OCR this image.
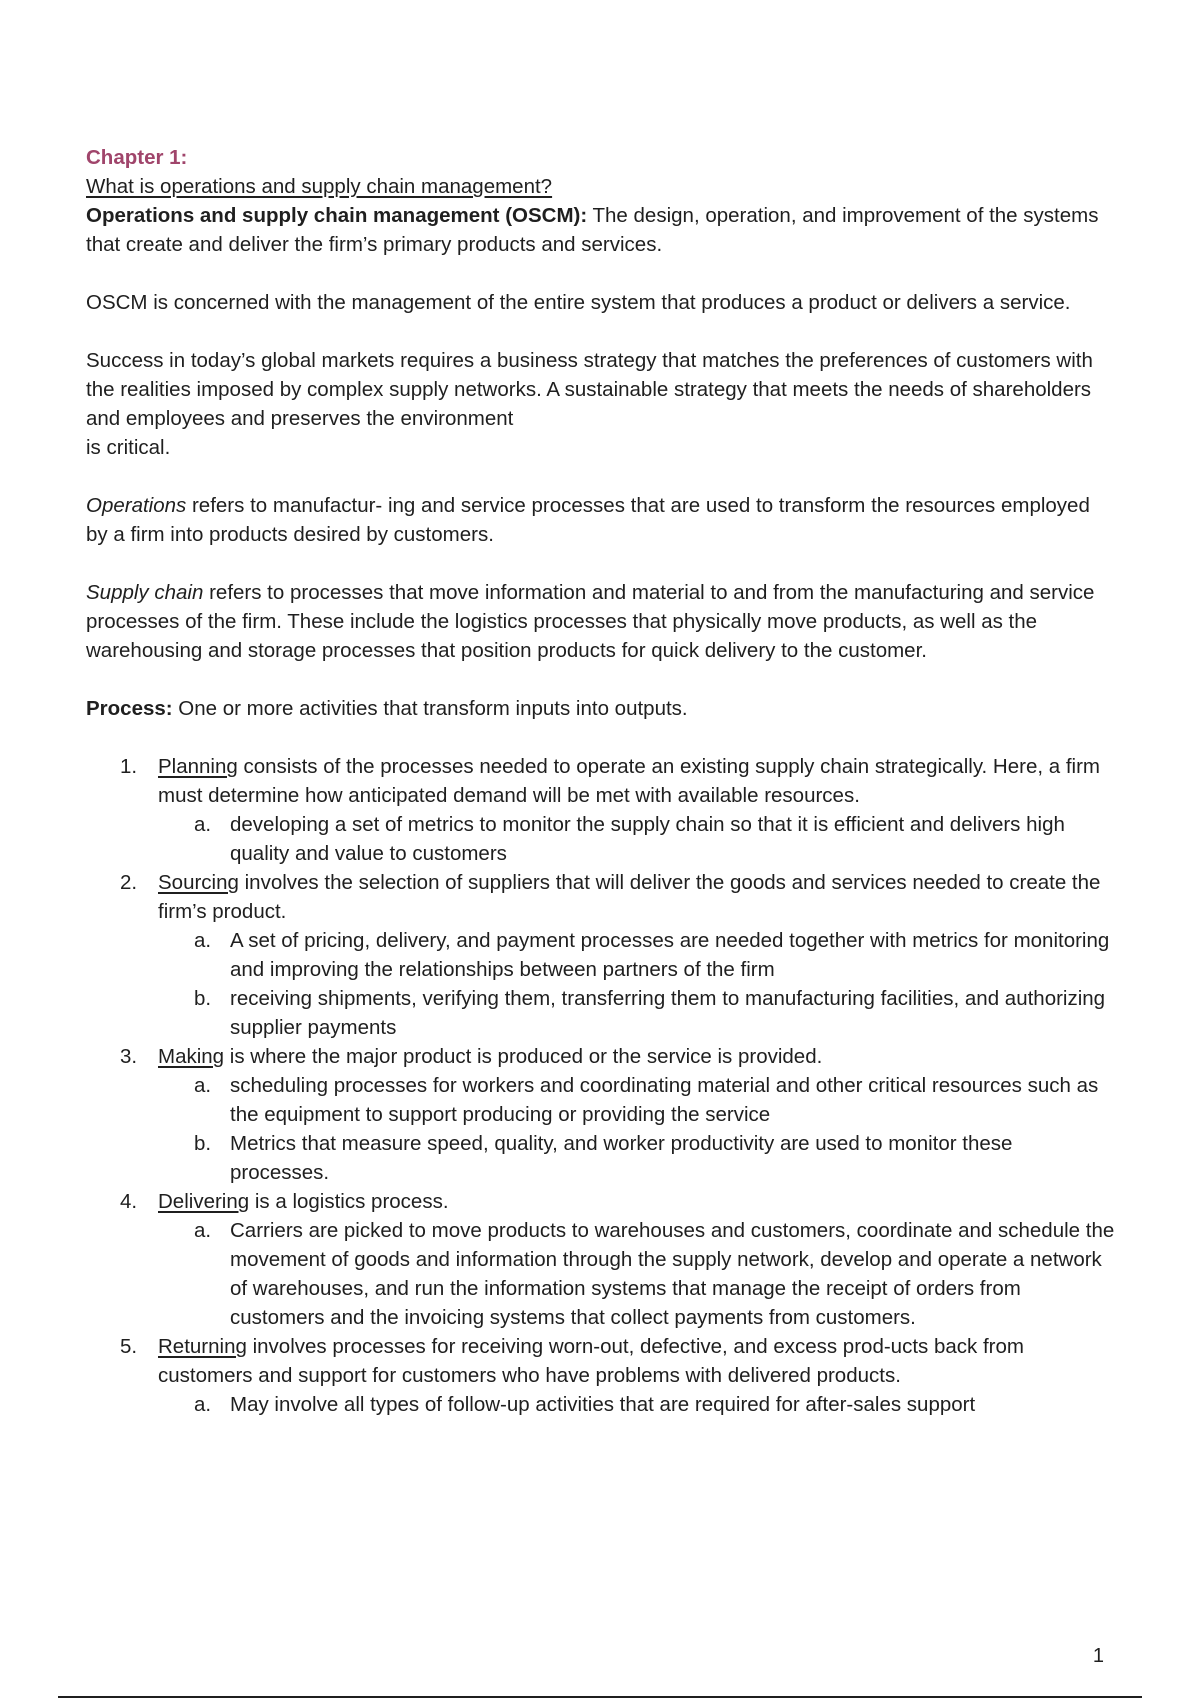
Chapter 1:

What is operations and supply chain management?

Operations and supply chain management (OSCM): The design, operation, and improvement of the systems that create and deliver the firm’s primary products and services.

OSCM is concerned with the management of the entire system that produces a product or delivers a service.

Success in today’s global markets requires a business strategy that matches the preferences of customers with the realities imposed by complex supply networks. A sustainable strategy that meets the needs of shareholders and employees and preserves the environment
is critical.

Operations refers to manufactur- ing and service processes that are used to transform the resources employed by a firm into products desired by customers.

Supply chain refers to processes that move information and material to and from the manufacturing and service processes of the firm. These include the logistics processes that physically move products, as well as the warehousing and storage processes that position products for quick delivery to the customer.

Process: One or more activities that transform inputs into outputs.

1. Planning consists of the processes needed to operate an existing supply chain strategically. Here, a firm must determine how anticipated demand will be met with available resources.
a. developing a set of metrics to monitor the supply chain so that it is efficient and delivers high quality and value to customers
2. Sourcing involves the selection of suppliers that will deliver the goods and services needed to create the firm’s product.
a. A set of pricing, delivery, and payment processes are needed together with metrics for monitoring and improving the relationships between partners of the firm
b. receiving shipments, verifying them, transferring them to manufacturing facilities, and authorizing supplier payments
3. Making is where the major product is produced or the service is provided.
a. scheduling processes for workers and coordinating material and other critical resources such as the equipment to support producing or providing the service
b. Metrics that measure speed, quality, and worker productivity are used to monitor these processes.
4. Delivering is a logistics process.
a. Carriers are picked to move products to warehouses and customers, coordinate and schedule the movement of goods and information through the supply network, develop and operate a network of warehouses, and run the information systems that manage the receipt of orders from customers and the invoicing systems that collect payments from customers.
5. Returning involves processes for receiving worn-out, defective, and excess prod-ucts back from customers and support for customers who have problems with delivered products.
a. May involve all types of follow-up activities that are required for after-sales support
1
